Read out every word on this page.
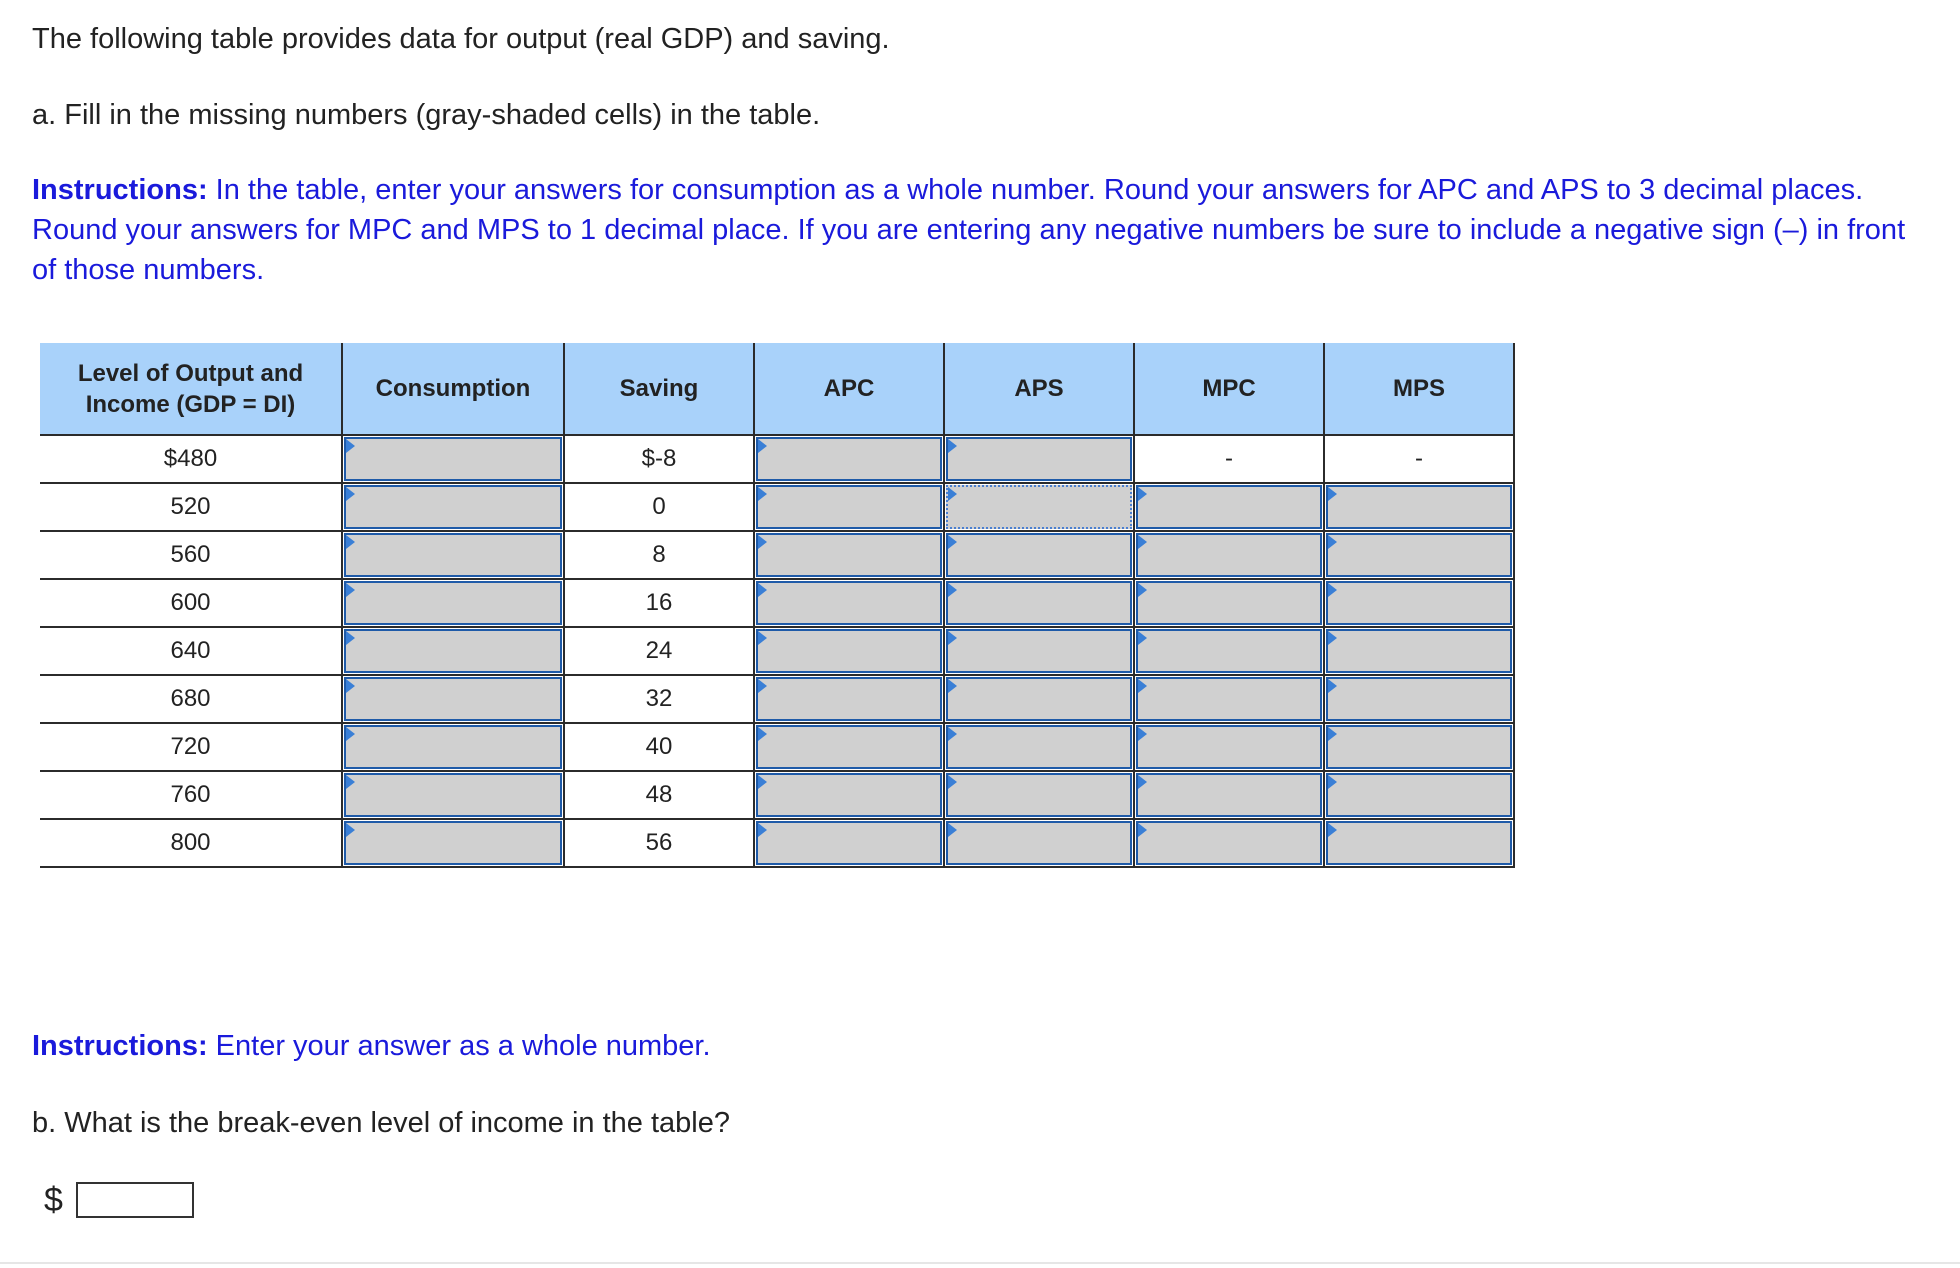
The following table provides data for output (real GDP) and saving.

a. Fill in the missing numbers (gray-shaded cells) in the table.

Instructions: In the table, enter your answers for consumption as a whole number. Round your answers for APC and APS to 3 decimal places. Round your answers for MPC and MPS to 1 decimal place. If you are entering any negative numbers be sure to include a negative sign (–) in front of those numbers.

Level of Output and Income (GDP = DI)	Consumption	Saving	APC	APS	MPC	MPS
$480		$-8			-	-
520		0	

560		8	

600		16	

640		24	

680		32	

720		40	

760		48	

800		56	

Instructions: Enter your answer as a whole number.

b. What is the break-even level of income in the table?

$
